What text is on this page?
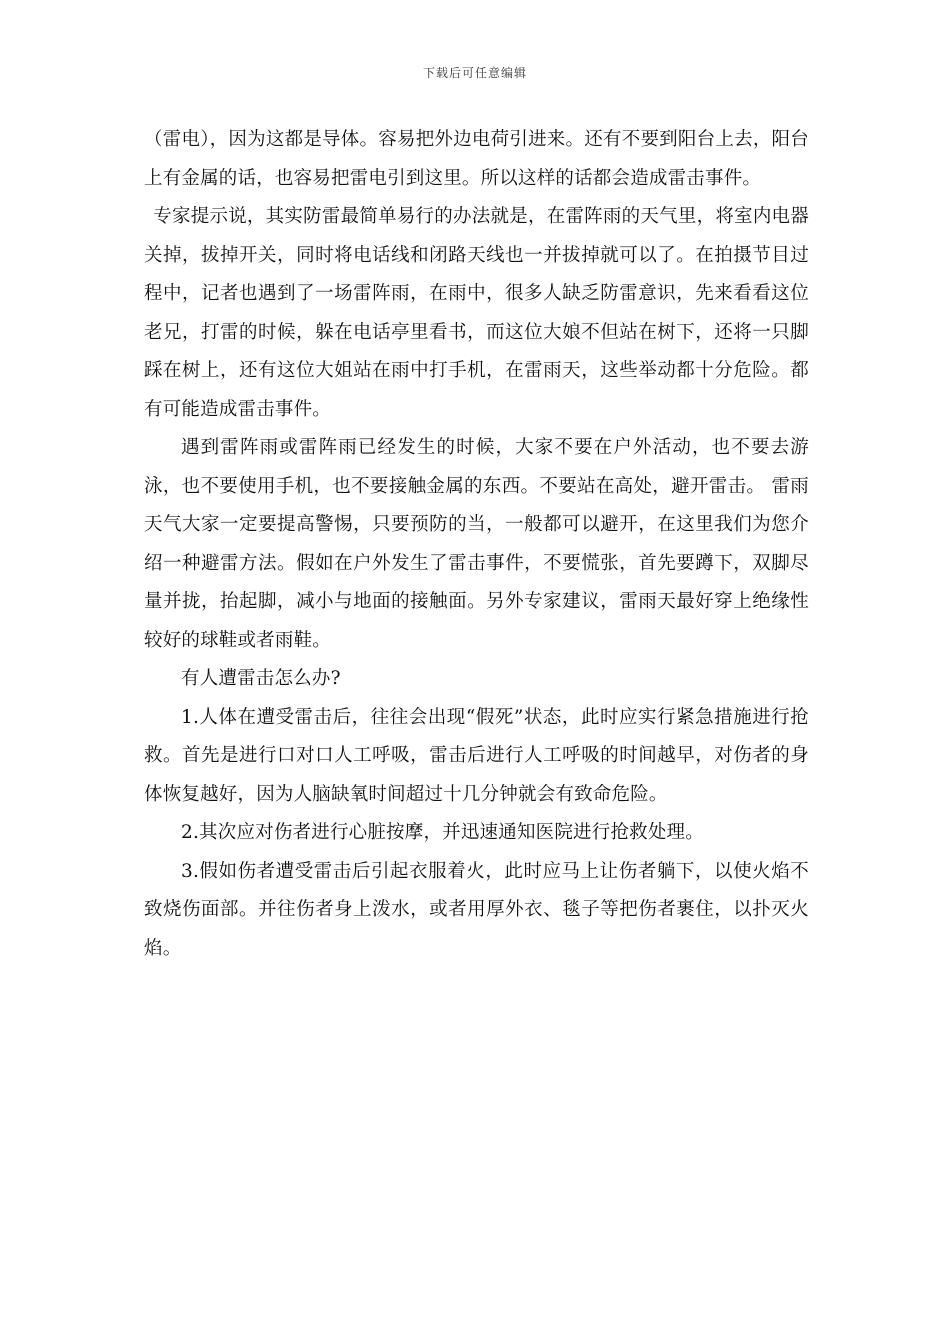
下载后可任意编辑

（雷电），因为这都是导体。容易把外边电荷引进来。还有不要到阳台上去，阳台上有金属的话，也容易把雷电引到这里。所以这样的话都会造成雷击事件。

专家提示说，其实防雷最简单易行的办法就是，在雷阵雨的天气里，将室内电器关掉，拔掉开关，同时将电话线和闭路天线也一并拔掉就可以了。在拍摄节目过程中，记者也遇到了一场雷阵雨，在雨中，很多人缺乏防雷意识，先来看看这位老兄，打雷的时候，躲在电话亭里看书，而这位大娘不但站在树下，还将一只脚踩在树上，还有这位大姐站在雨中打手机，在雷雨天，这些举动都十分危险。都有可能造成雷击事件。

遇到雷阵雨或雷阵雨已经发生的时候，大家不要在户外活动，也不要去游泳，也不要使用手机，也不要接触金属的东西。不要站在高处，避开雷击。 雷雨天气大家一定要提高警惕，只要预防的当，一般都可以避开，在这里我们为您介绍一种避雷方法。假如在户外发生了雷击事件，不要慌张，首先要蹲下，双脚尽量并拢，抬起脚，减小与地面的接触面。另外专家建议，雷雨天最好穿上绝缘性较好的球鞋或者雨鞋。

有人遭雷击怎么办?

1.人体在遭受雷击后，往往会出现“假死”状态，此时应实行紧急措施进行抢救。首先是进行口对口人工呼吸，雷击后进行人工呼吸的时间越早，对伤者的身体恢复越好，因为人脑缺氧时间超过十几分钟就会有致命危险。

2.其次应对伤者进行心脏按摩，并迅速通知医院进行抢救处理。

3.假如伤者遭受雷击后引起衣服着火，此时应马上让伤者躺下，以使火焰不致烧伤面部。并往伤者身上泼水，或者用厚外衣、毯子等把伤者裹住，以扑灭火焰。
